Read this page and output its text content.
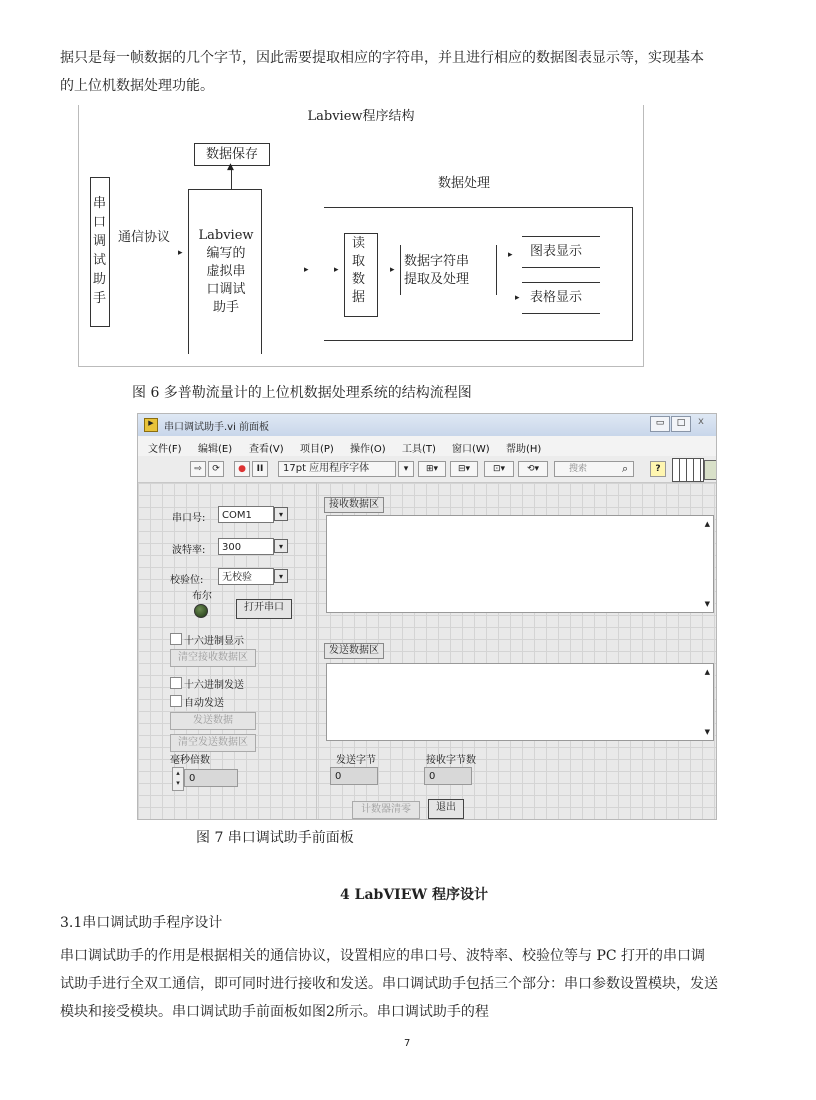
据只是每一帧数据的几个字节，因此需要提取相应的字符串，并且进行相应的数据图表显示等，实现基本
的上位机数据处理功能。
Labview程序结构
数据保存
▲
串
口
调
试
助
手
通信协议
▸
Labview
编写的
虚拟串
口调试
助手
▸
数据处理
▸
读
取
数
据
▸
数据字符串
提取及处理
▸ 图表显示
▸ 表格显示
图 6 多普勒流量计的上位机数据处理系统的结构流程图
▶	串口调试助手.vi 前面板	▭	□	x
文件(F) 编辑(E) 查看(V) 项目(P) 操作(O) 工具(T) 窗口(W) 帮助(H)
⇨	⟳	●	II	17pt 应用程序字体	▾	⊞▾	⊟▾	⊡▾	⟲▾	搜索	⌕	?
串口号:	COM1	▾
波特率:	300	▾
校验位:	无校验	▾
布尔
打开串口
十六进制显示
清空接收数据区
十六进制发送
自动发送
发送数据
清空发送数据区
毫秒倍数
▴
▾ 0
接收数据区
▲
▼
发送数据区
▲
▼
发送字节
0
接收字节数
0
计数器清零	退出
图 7 串口调试助手前面板
4 LabVIEW 程序设计
3.1串口调试助手程序设计
串口调试助手的作用是根据相关的通信协议，设置相应的串口号、波特率、校验位等与 PC 打开的串口调
试助手进行全双工通信，即可同时进行接收和发送。串口调试助手包括三个部分：串口参数设置模块，发送
模块和接受模块。串口调试助手前面板如图2所示。串口调试助手的程
7
